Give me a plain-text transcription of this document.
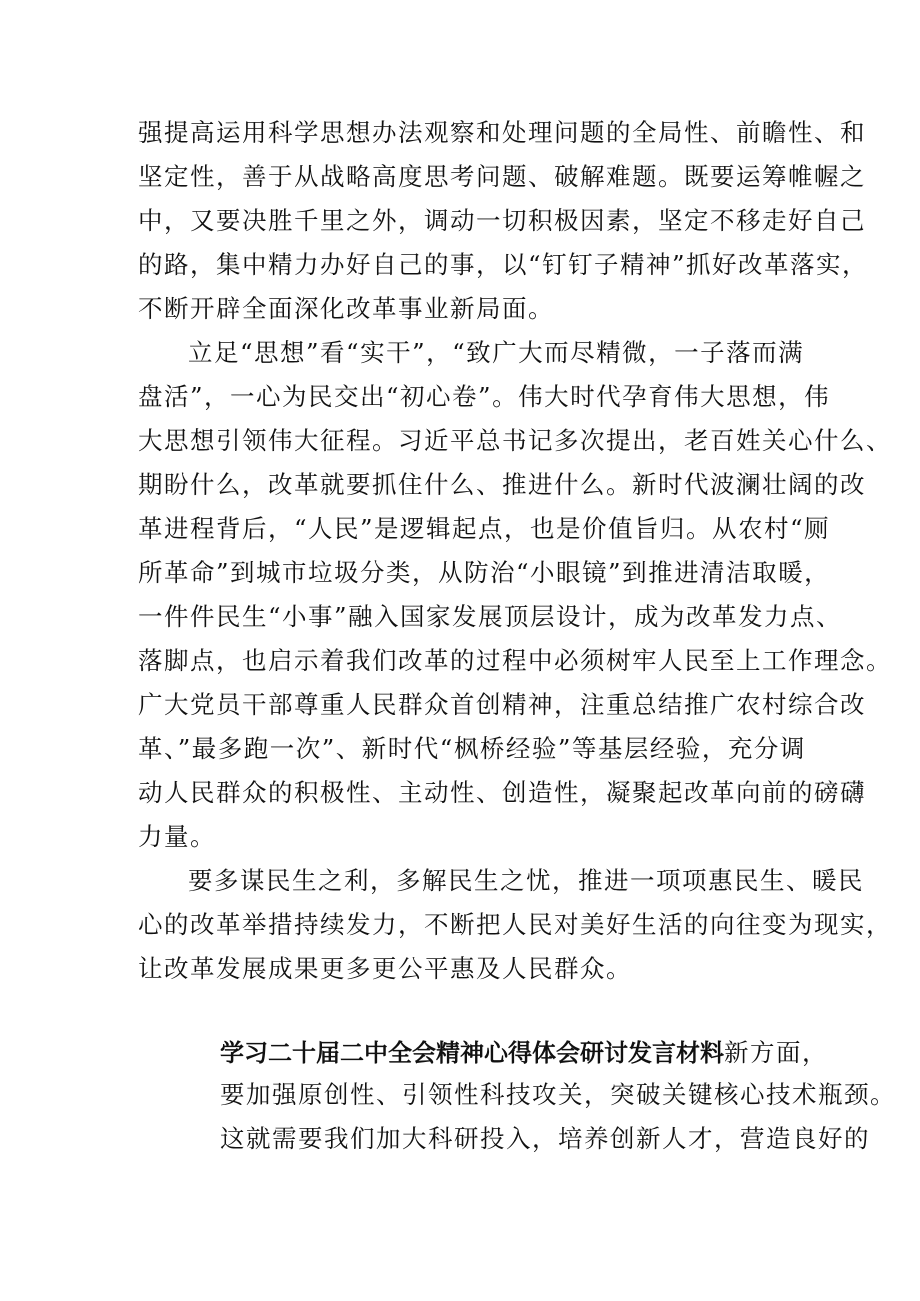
强提高运用科学思想办法观察和处理问题的全局性、前瞻性、和
坚定性，善于从战略高度思考问题、破解难题。既要运筹帷幄之
中，又要决胜千里之外，调动一切积极因素，坚定不移走好自己
的路，集中精力办好自己的事，以“钉钉子精神”抓好改革落实，
不断开辟全面深化改革事业新局面。
立足“思想”看“实干”，“致广大而尽精微，一子落而满
盘活”，一心为民交出“初心卷”。伟大时代孕育伟大思想，伟
大思想引领伟大征程。习近平总书记多次提出，老百姓关心什么、
期盼什么，改革就要抓住什么、推进什么。新时代波澜壮阔的改
革进程背后，“人民”是逻辑起点，也是价值旨归。从农村“厕
所革命”到城市垃圾分类，从防治“小眼镜”到推进清洁取暖，
一件件民生“小事”融入国家发展顶层设计，成为改革发力点、
落脚点，也启示着我们改革的过程中必须树牢人民至上工作理念。
广大党员干部尊重人民群众首创精神，注重总结推广农村综合改
革、”最多跑一次”、新时代“枫桥经验”等基层经验，充分调
动人民群众的积极性、主动性、创造性，凝聚起改革向前的磅礴
力量。
要多谋民生之利，多解民生之忧，推进一项项惠民生、暖民
心的改革举措持续发力，不断把人民对美好生活的向往变为现实，
让改革发展成果更多更公平惠及人民群众。
学习二十届二中全会精神心得体会研讨发言材料新方面，
要加强原创性、引领性科技攻关，突破关键核心技术瓶颈。
这就需要我们加大科研投入，培养创新人才，营造良好的
